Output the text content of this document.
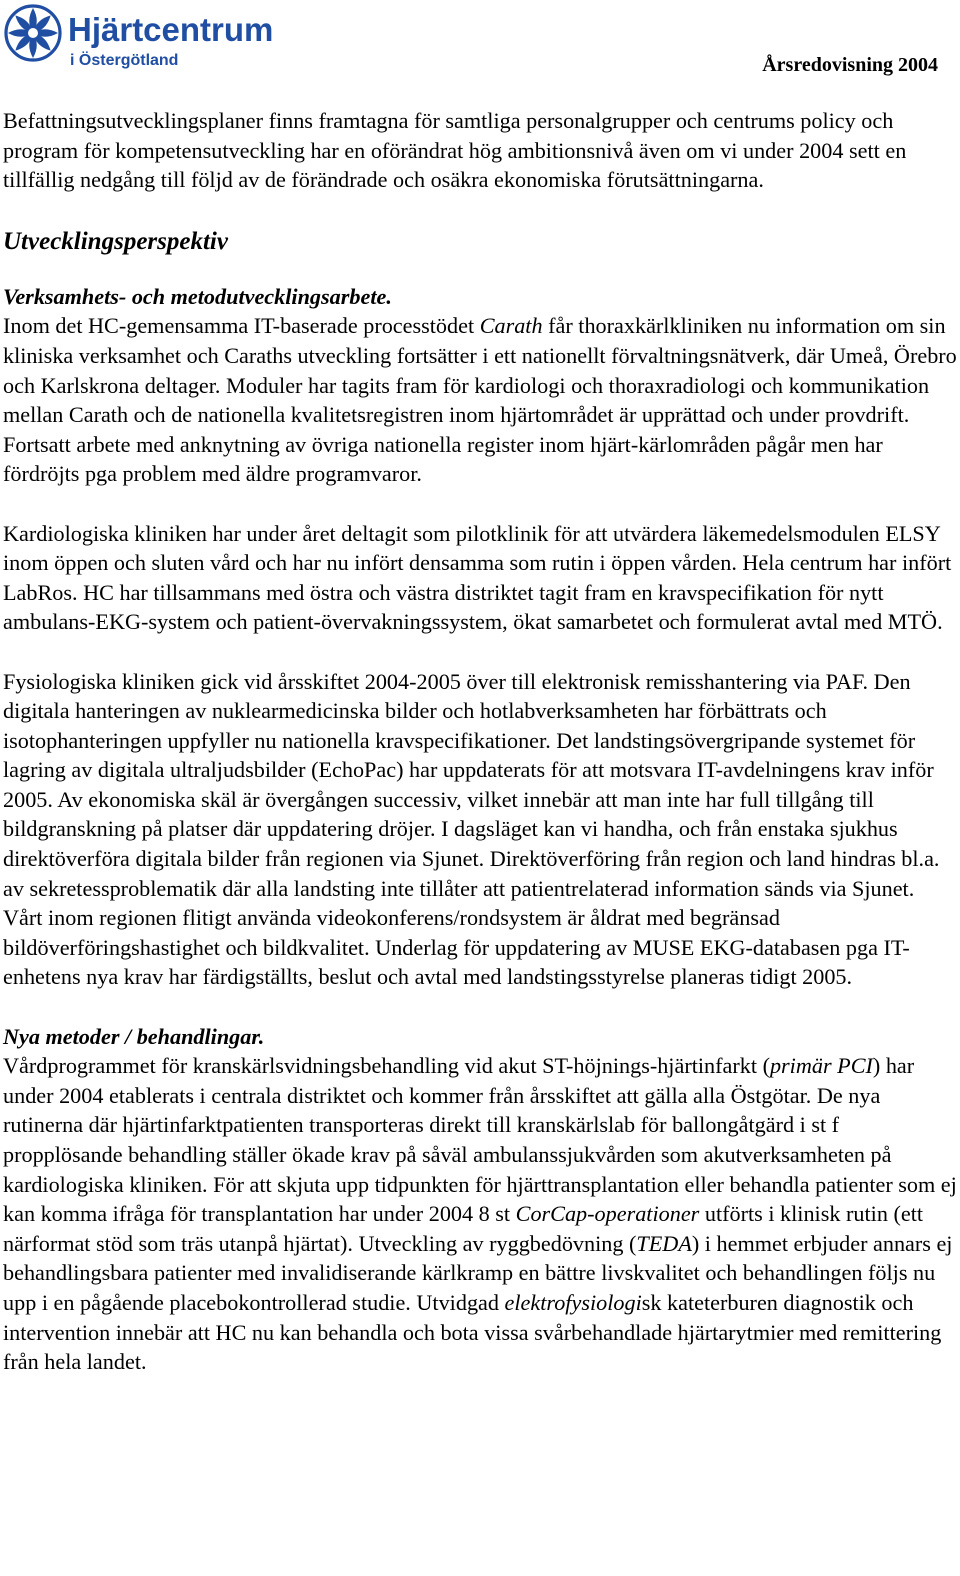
Hjärtcentrum
i Östergötland	Årsredovisning 2004

Befattningsutvecklingsplaner finns framtagna för samtliga personalgrupper och centrums policy och program för kompetensutveckling har en oförändrat hög ambitionsnivå även om vi under 2004 sett en tillfällig nedgång till följd av de förändrade och osäkra ekonomiska förutsättningarna.

Utvecklingsperspektiv
Verksamhets- och metodutvecklingsarbete.

Inom det HC-gemensamma IT-baserade processtödet Carath får thoraxkärlkliniken nu information om sin kliniska verksamhet och Caraths utveckling fortsätter i ett nationellt förvaltningsnätverk, där Umeå, Örebro och Karlskrona deltager. Moduler har tagits fram för kardiologi och thoraxradiologi och kommunikation mellan Carath och de nationella kvalitetsregistren inom hjärtområdet är upprättad och under provdrift. Fortsatt arbete med anknytning av övriga nationella register inom hjärt-kärlområden pågår men har fördröjts pga problem med äldre programvaror.

Kardiologiska kliniken har under året deltagit som pilotklinik för att utvärdera läkemedelsmodulen ELSY inom öppen och sluten vård och har nu infört densamma som rutin i öppen vården. Hela centrum har infört LabRos. HC har tillsammans med östra och västra distriktet tagit fram en kravspecifikation för nytt ambulans-EKG-system och patient-övervakningssystem, ökat samarbetet och formulerat avtal med MTÖ.

Fysiologiska kliniken gick vid årsskiftet 2004-2005 över till elektronisk remisshantering via PAF. Den digitala hanteringen av nuklearmedicinska bilder och hotlabverksamheten har förbättrats och isotophanteringen uppfyller nu nationella kravspecifikationer. Det landstingsövergripande systemet för lagring av digitala ultraljudsbilder (EchoPac) har uppdaterats för att motsvara IT-avdelningens krav inför 2005. Av ekonomiska skäl är övergången successiv, vilket innebär att man inte har full tillgång till bildgranskning på platser där uppdatering dröjer. I dagsläget kan vi handha, och från enstaka sjukhus direktöverföra digitala bilder från regionen via Sjunet. Direktöverföring från region och land hindras bl.a. av sekretessproblematik där alla landsting inte tillåter att patientrelaterad information sänds via Sjunet. Vårt inom regionen flitigt använda videokonferens/rondsystem är åldrat med begränsad bildöverföringshastighet och bildkvalitet. Underlag för uppdatering av MUSE EKG-databasen pga IT-enhetens nya krav har färdigställts, beslut och avtal med landstingsstyrelse planeras tidigt 2005.

Nya metoder / behandlingar.

Vårdprogrammet för kranskärlsvidningsbehandling vid akut ST-höjnings-hjärtinfarkt (primär PCI) har under 2004 etablerats i centrala distriktet och kommer från årsskiftet att gälla alla Östgötar. De nya rutinerna där hjärtinfarktpatienten transporteras direkt till kranskärlslab för ballongåtgärd i st f propplösande behandling ställer ökade krav på såväl ambulanssjukvården som akutverksamheten på kardiologiska kliniken. För att skjuta upp tidpunkten för hjärttransplantation eller behandla patienter som ej kan komma ifråga för transplantation har under 2004 8 st CorCap-operationer utförts i klinisk rutin (ett närformat stöd som träs utanpå hjärtat). Utveckling av ryggbedövning (TEDA) i hemmet erbjuder annars ej behandlingsbara patienter med invalidiserande kärlkramp en bättre livskvalitet och behandlingen följs nu upp i en pågående placebokontrollerad studie. Utvidgad elektrofysiologisk kateterburen diagnostik och intervention innebär att HC nu kan behandla och bota vissa svårbehandlade hjärtarytmier med remittering från hela landet.
